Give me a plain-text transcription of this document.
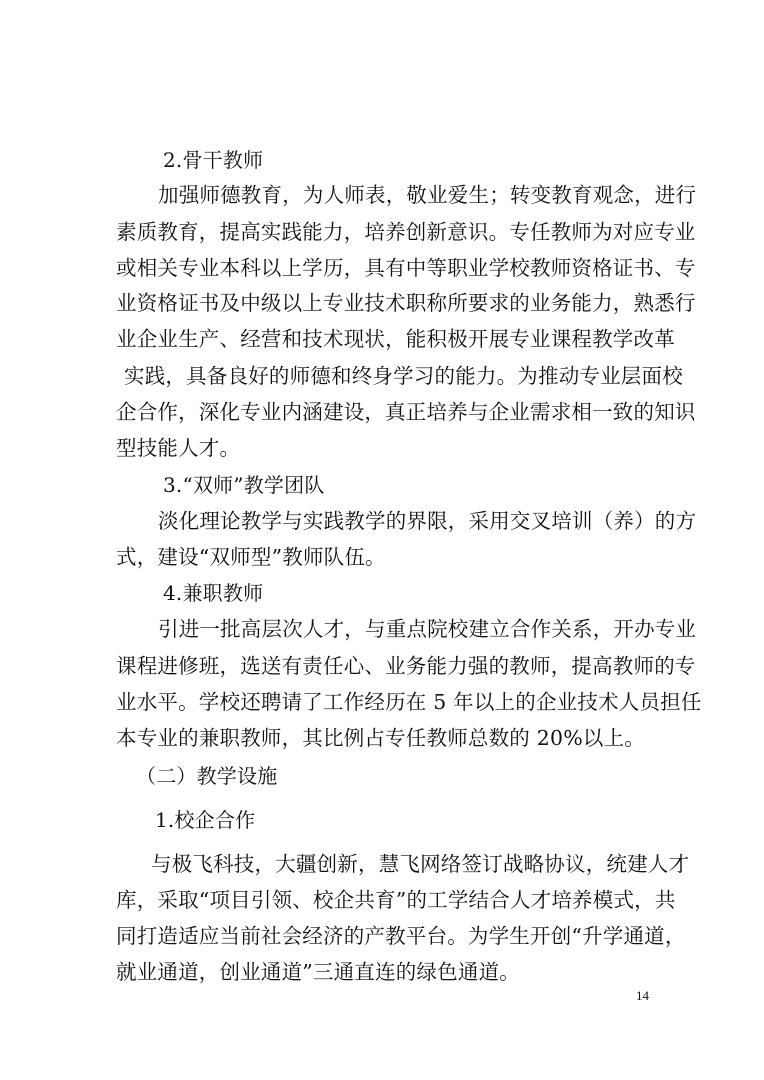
2.骨干教师
加强师德教育，为人师表，敬业爱生；转变教育观念，进行
素质教育，提高实践能力，培养创新意识。专任教师为对应专业
或相关专业本科以上学历，具有中等职业学校教师资格证书、专
业资格证书及中级以上专业技术职称所要求的业务能力，熟悉行
业企业生产、经营和技术现状，能积极开展专业课程教学改革
实践，具备良好的师德和终身学习的能力。为推动专业层面校
企合作，深化专业内涵建设，真正培养与企业需求相一致的知识
型技能人才。
3.“双师”教学团队
淡化理论教学与实践教学的界限，采用交叉培训（养）的方
式，建设“双师型”教师队伍。
4.兼职教师
引进一批高层次人才，与重点院校建立合作关系，开办专业
课程进修班，选送有责任心、业务能力强的教师，提高教师的专
业水平。学校还聘请了工作经历在 5 年以上的企业技术人员担任
本专业的兼职教师，其比例占专任教师总数的 20%以上。
（二）教学设施
1.校企合作
与极飞科技，大疆创新，慧飞网络签订战略协议，统建人才
库，采取“项目引领、校企共育”的工学结合人才培养模式，共
同打造适应当前社会经济的产教平台。为学生开创“升学通道，
就业通道，创业通道”三通直连的绿色通道。
14
